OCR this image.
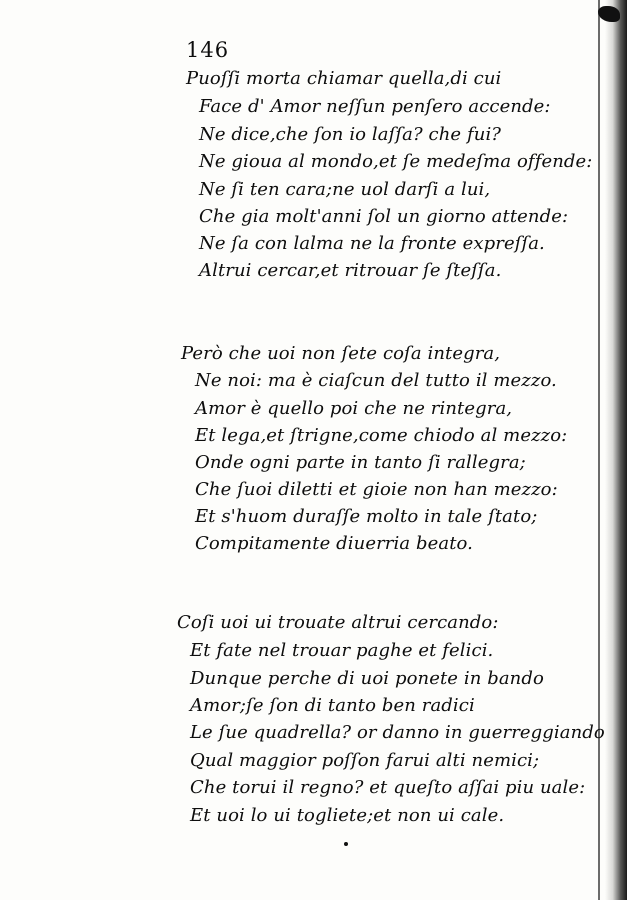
146
Puoſſi morta chiamar quella,di cui
Face d' Amor neſſun penſero accende:
Ne dice,che ſon io laſſa? che fui?
Ne gioua al mondo,et ſe medeſma offende:
Ne ſi ten cara;ne uol darſi a lui,
Che gia molt'anni ſol un giorno attende:
Ne ſa con lalma ne la fronte expreſſa.
Altrui cercar,et ritrouar ſe ſteſſa.
Però che uoi non ſete coſa integra,
Ne noi: ma è ciaſcun del tutto il mezzo.
Amor è quello poi che ne rintegra,
Et lega,et ſtrigne,come chiodo al mezzo:
Onde ogni parte in tanto ſi rallegra;
Che ſuoi diletti et gioie non han mezzo:
Et s'huom duraſſe molto in tale ſtato;
Compitamente diuerria beato.
Coſi uoi ui trouate altrui cercando:
Et fate nel trouar paghe et felici.
Dunque perche di uoi ponete in bando
Amor;ſe ſon di tanto ben radici
Le ſue quadrella? or danno in guerreggiando
Qual maggior poſſon farui alti nemici;
Che torui il regno? et queſto aſſai piu uale:
Et uoi lo ui togliete;et non ui cale.
